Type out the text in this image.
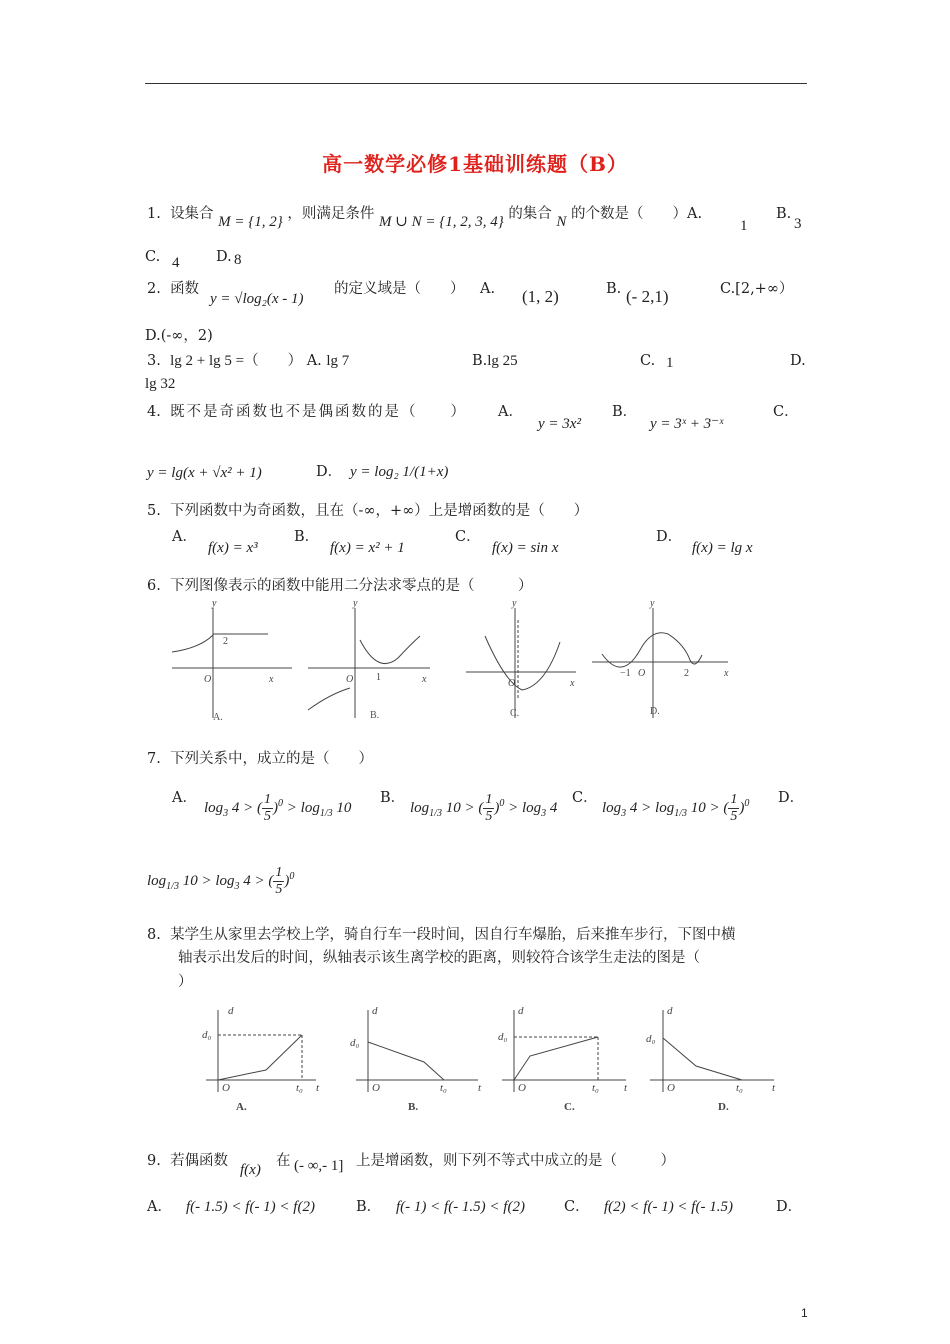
高一数学必修1基础训练题（B）
1. 设集合 M = {1, 2} ，则满足条件 M ∪ N = {1, 2, 3, 4} 的集合 N 的个数是（　　）A.
1
B.
3
C. 4	D. 8
2. 函数
y = √log₂(x - 1)
的定义域是（　　） A. (1, 2)	B. (- 2,1)	C.[2,+∞）
D.(-∞，2)
3. lg 2 + lg 5 =（　　） A. lg 7	B.lg 25	C. 1	D.
lg 32
4. 既不是奇函数也不是偶函数的是（　　） A．
y = 3x²
B．
y = 3ˣ + 3⁻ˣ
C．
y = lg(x + √x² + 1)	D． y = log₂ 1/(1+x)
5. 下列函数中为奇函数，且在（-∞，+∞）上是增函数的是（　　）
A．
f(x) = x³
B．
f(x) = x² + 1
C．
f(x) = sin x
D．
f(x) = lg x
6. 下列图像表示的函数中能用二分法求零点的是（　　　）
y
x
O
y
x
O
y
x
O
y
x
O
2
1	−1	2
A.	B.	C.	D.
7. 下列关系中，成立的是（　　）
A．
$\log_3 4$ > ( $\frac{1}{5} )^0 > \log_{1/3} 10$
B．
$\log_{1/3} 10$ > ( $\frac{1}{5} )^0 > \log_3 4$
C．
$\log_3 4 > \log_{1/3} 10$ > ( $\frac{1}{5} )^0$ D．
$\log_{1/3} 10 > \log_3 4$ > ( $\frac{1}{5} )^0$
8. 某学生从家里去学校上学，骑自行车一段时间，因自行车爆胎，后来推车步行，下图中横
轴表示出发后的时间，纵轴表示该生离学校的距离，则较符合该学生走法的图是（
）
d
d₀
O	t₀ t
d
d₀
O	t₀	t
d
d₀
O	t₀ t
d
d₀
O	t₀	t
A.	B.	C.	D.
9. 若偶函数
f(x)
在 (- ∞,- 1] 上是增函数，则下列不等式中成立的是（　　　）
A． f(- 1.5) < f(- 1) < f(2)	B． f(- 1) < f(- 1.5) < f(2)	C． f(2) < f(- 1) < f(- 1.5)	D．
1
